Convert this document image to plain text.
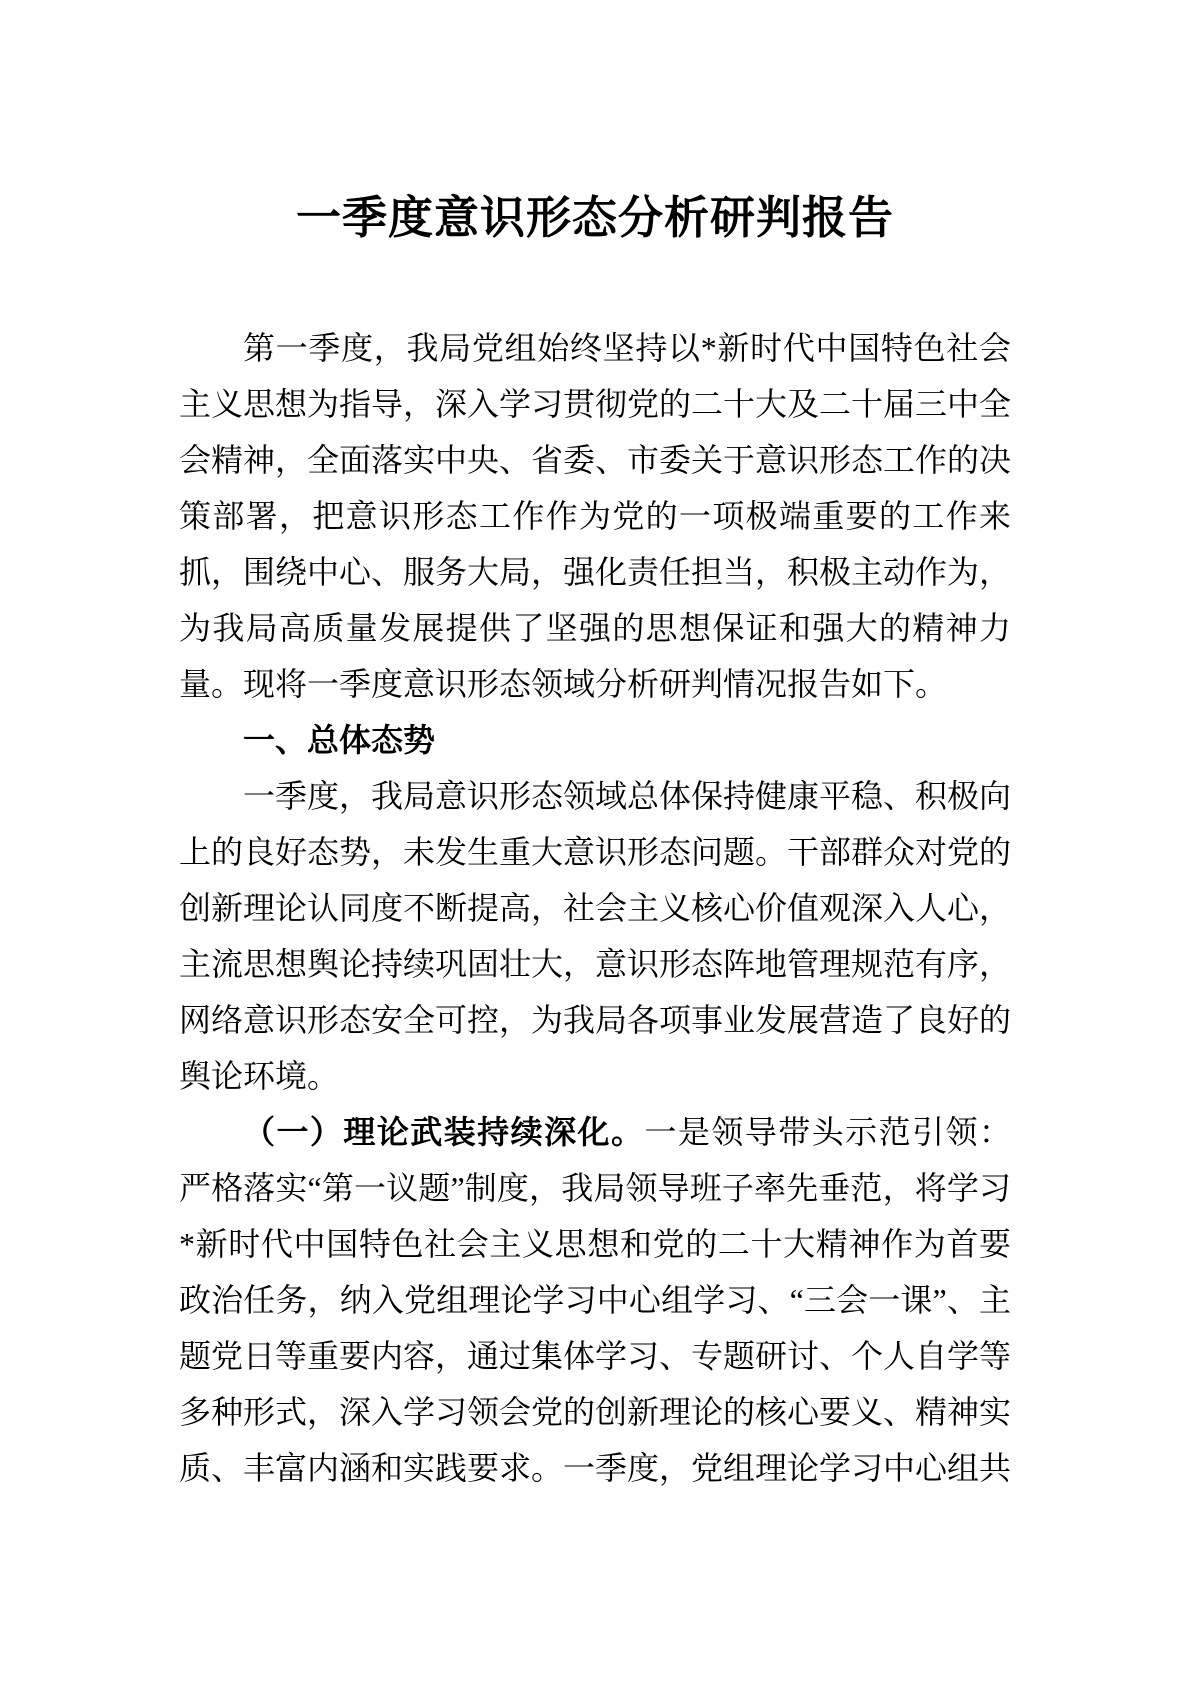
一季度意识形态分析研判报告

第一季度，我局党组始终坚持以*新时代中国特色社会主义思想为指导，深入学习贯彻党的二十大及二十届三中全会精神，全面落实中央、省委、市委关于意识形态工作的决策部署，把意识形态工作作为党的一项极端重要的工作来抓，围绕中心、服务大局，强化责任担当，积极主动作为，为我局高质量发展提供了坚强的思想保证和强大的精神力量。现将一季度意识形态领域分析研判情况报告如下。

一、总体态势

一季度，我局意识形态领域总体保持健康平稳、积极向上的良好态势，未发生重大意识形态问题。干部群众对党的创新理论认同度不断提高，社会主义核心价值观深入人心，主流思想舆论持续巩固壮大，意识形态阵地管理规范有序，网络意识形态安全可控，为我局各项事业发展营造了良好的舆论环境。

（一）理论武装持续深化。一是领导带头示范引领：严格落实“第一议题”制度，我局领导班子率先垂范，将学习*新时代中国特色社会主义思想和党的二十大精神作为首要政治任务，纳入党组理论学习中心组学习、“三会一课”、主题党日等重要内容，通过集体学习、专题研讨、个人自学等多种形式，深入学习领会党的创新理论的核心要义、精神实质、丰富内涵和实践要求。一季度，党组理论学习中心组共
